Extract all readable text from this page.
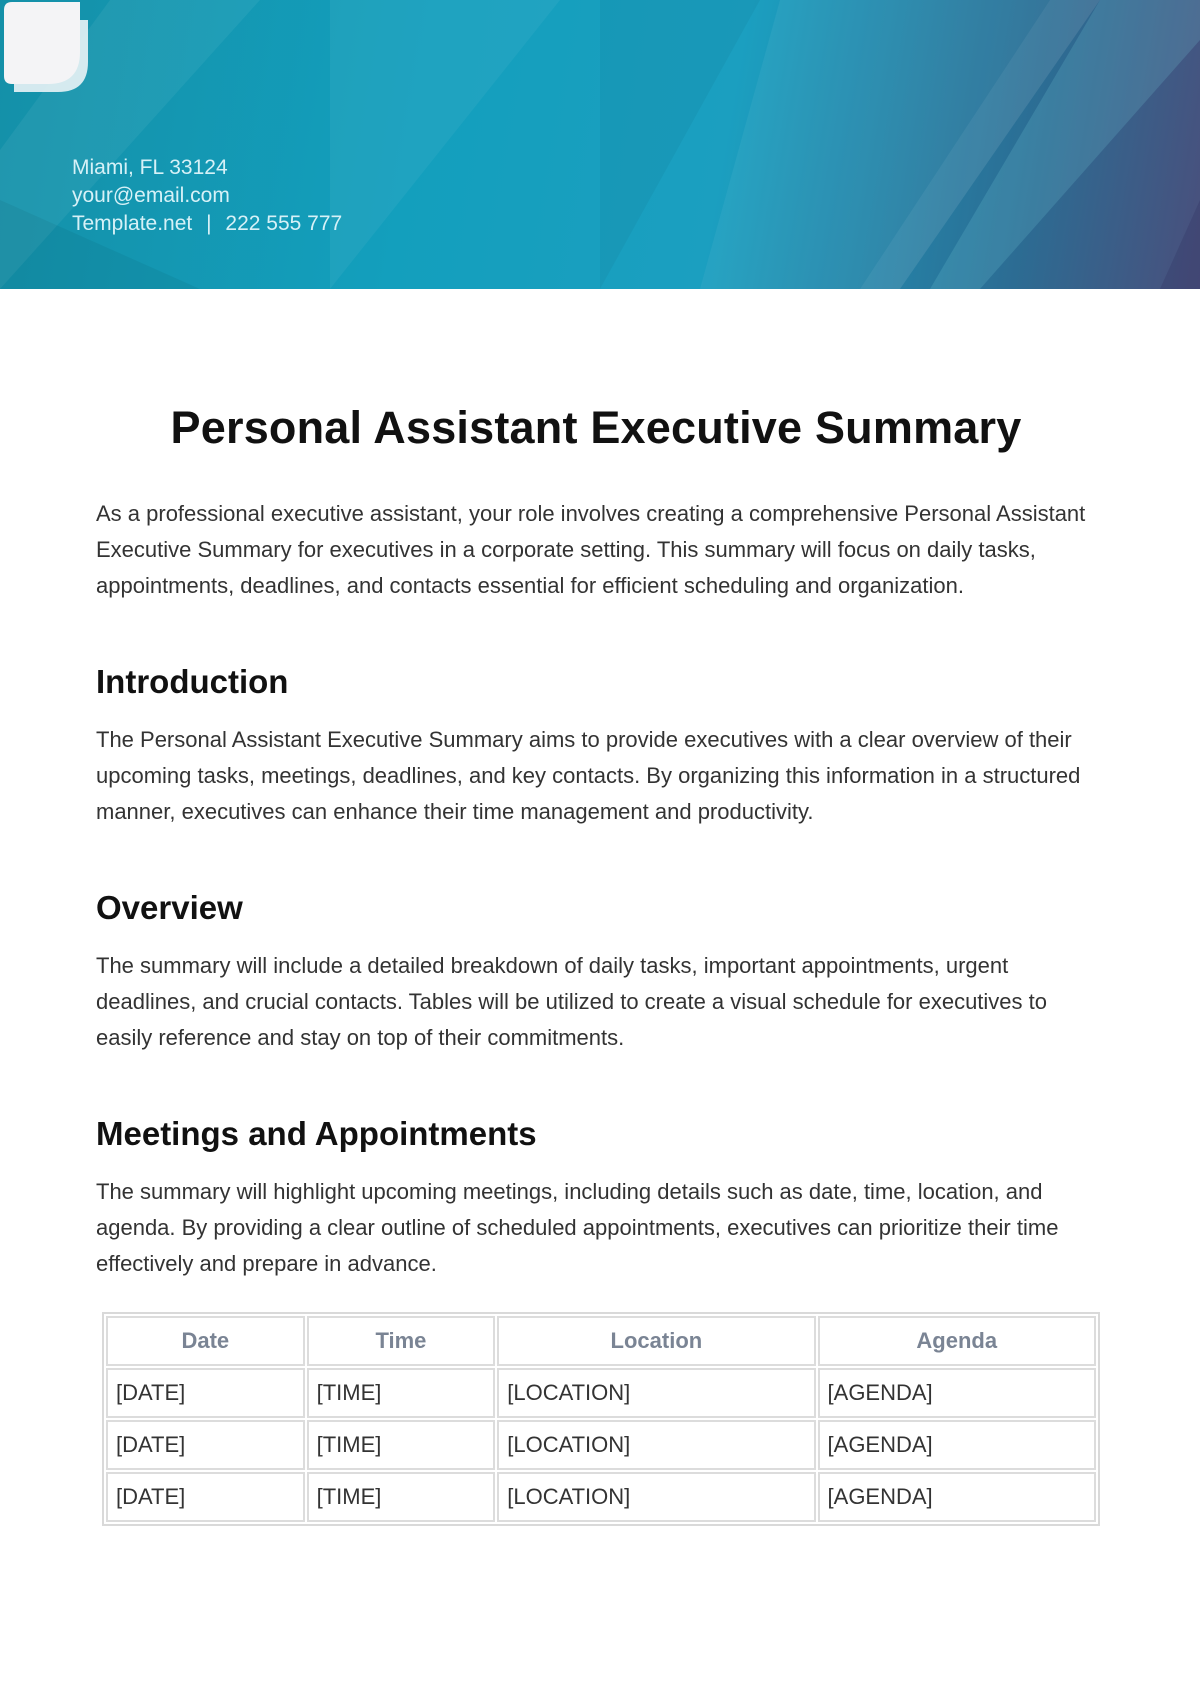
Miami, FL 33124
your@email.com
Template.net | 222 555 777
Personal Assistant Executive Summary

As a professional executive assistant, your role involves creating a comprehensive Personal Assistant Executive Summary for executives in a corporate setting. This summary will focus on daily tasks, appointments, deadlines, and contacts essential for efficient scheduling and organization.

Introduction

The Personal Assistant Executive Summary aims to provide executives with a clear overview of their upcoming tasks, meetings, deadlines, and key contacts. By organizing this information in a structured manner, executives can enhance their time management and productivity.

Overview

The summary will include a detailed breakdown of daily tasks, important appointments, urgent deadlines, and crucial contacts. Tables will be utilized to create a visual schedule for executives to easily reference and stay on top of their commitments.

Meetings and Appointments

The summary will highlight upcoming meetings, including details such as date, time, location, and agenda. By providing a clear outline of scheduled appointments, executives can prioritize their time effectively and prepare in advance.

Date	Time	Location	Agenda
[DATE]	[TIME]	[LOCATION]	[AGENDA]
[DATE]	[TIME]	[LOCATION]	[AGENDA]
[DATE]	[TIME]	[LOCATION]	[AGENDA]
